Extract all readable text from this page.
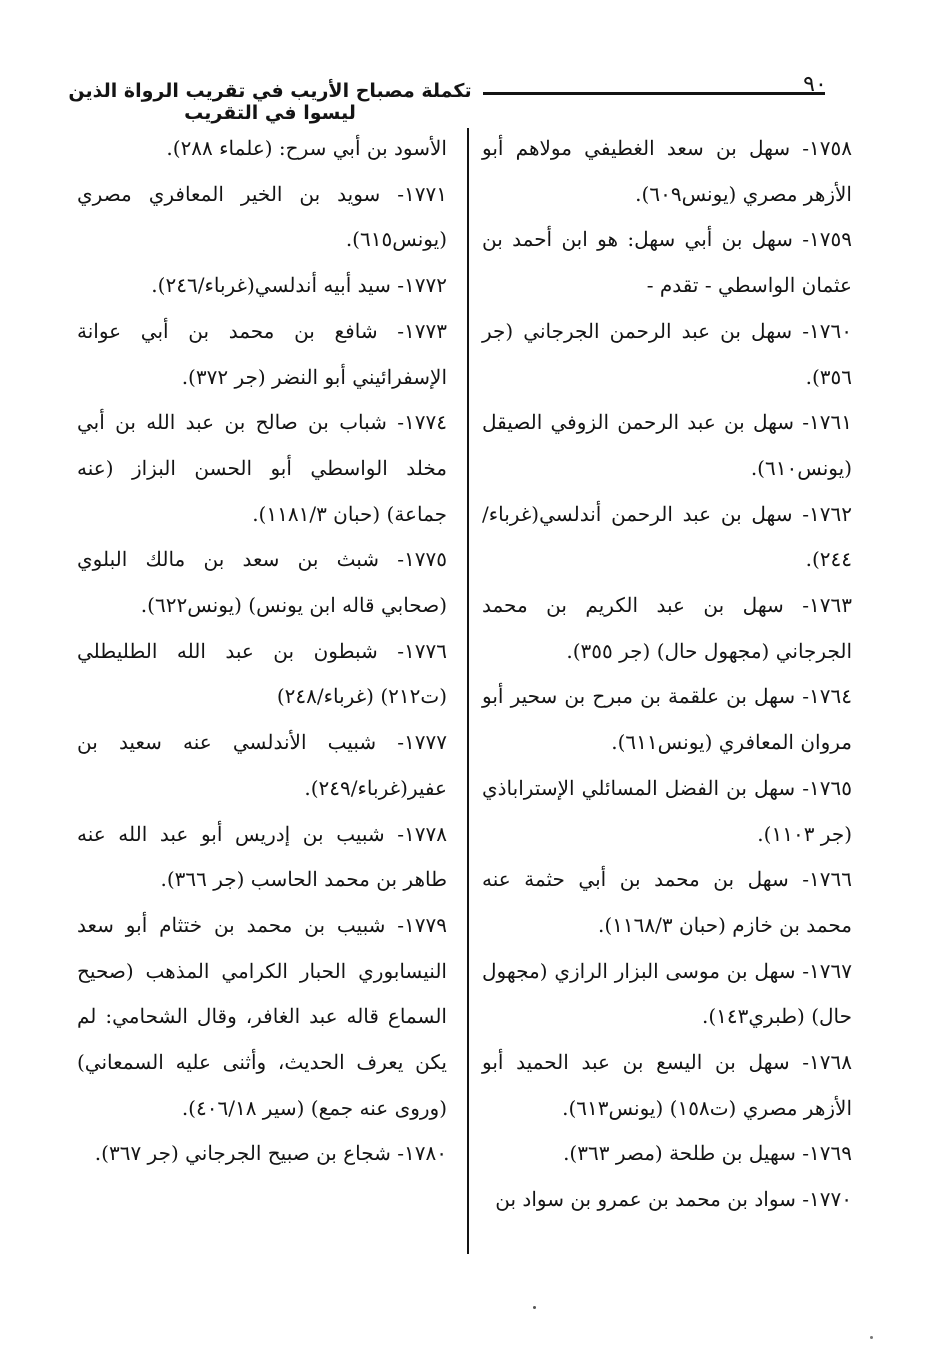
تكملة مصباح الأريب في تقريب الرواة الذين ليسوا في التقريب
٩٠

١٧٥٨- سهل بن سعد الغطيفي مولاهم أبو الأزهر مصري (يونس٦٠٩).

١٧٥٩- سهل بن أبي سهل: هو ابن أحمد بن عثمان الواسطي - تقدم -

١٧٦٠- سهل بن عبد الرحمن الجرجاني (جر ٣٥٦).

١٧٦١- سهل بن عبد الرحمن الزوفي الصيقل (يونس٦١٠).

١٧٦٢- سهل بن عبد الرحمن أندلسي(غرباء/٢٤٤).

١٧٦٣- سهل بن عبد الكريم بن محمد الجرجاني (مجهول حال) (جر ٣٥٥).

١٧٦٤- سهل بن علقمة بن مبرح بن سحير أبو مروان المعافري (يونس٦١١).

١٧٦٥- سهل بن الفضل المسائلي الإستراباذي (جر ١١٠٣).

١٧٦٦- سهل بن محمد بن أبي حثمة عنه محمد بن خازم (حبان ١١٦٨/٣).

١٧٦٧- سهل بن موسى البزار الرازي (مجهول حال) (طبري١٤٣).

١٧٦٨- سهل بن اليسع بن عبد الحميد أبو الأزهر مصري (ت١٥٨) (يونس٦١٣).

١٧٦٩- سهيل بن طلحة (مصر ٣٦٣).

١٧٧٠- سواد بن محمد بن عمرو بن سواد بن

الأسود بن أبي سرح: (علماء ٢٨٨).

١٧٧١- سويد بن الخير المعافري مصري (يونس٦١٥).

١٧٧٢- سيد أبيه أندلسي(غرباء/٢٤٦).

١٧٧٣- شافع بن محمد بن أبي عوانة الإسفرائيني أبو النضر (جر ٣٧٢).

١٧٧٤- شباب بن صالح بن عبد الله بن أبي مخلد الواسطي أبو الحسن البزاز (عنه جماعة) (حبان ١١٨١/٣).

١٧٧٥- شبث بن سعد بن مالك البلوي (صحابي قاله ابن يونس) (يونس٦٢٢).

١٧٧٦- شبطون بن عبد الله الطليطلي (ت٢١٢) (غرباء/٢٤٨)

١٧٧٧- شبيب الأندلسي عنه سعيد بن عفير(غرباء/٢٤٩).

١٧٧٨- شبيب بن إدريس أبو عبد الله عنه طاهر بن محمد الحاسب (جر ٣٦٦).

١٧٧٩- شبيب بن محمد بن ختثام أبو سعد النيسابوري الحبار الكرامي المذهب (صحيح السماع قاله عبد الغافر، وقال الشحامي: لم يكن يعرف الحديث، وأثنى عليه السمعاني) (وروى عنه جمع) (سير ٤٠٦/١٨).

١٧٨٠- شجاع بن صبيح الجرجاني (جر ٣٦٧).
